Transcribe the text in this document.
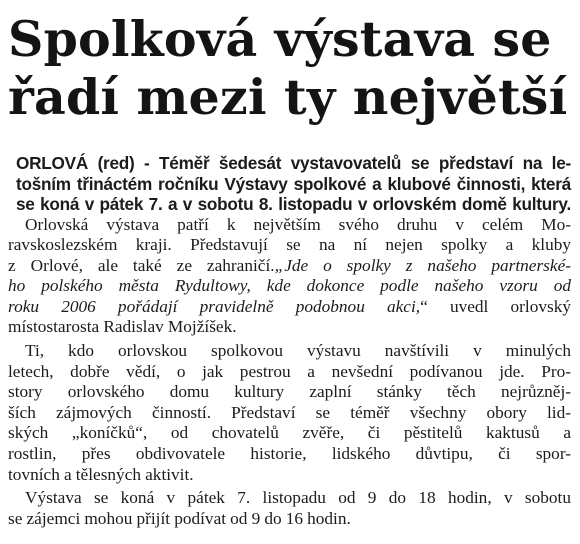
Spolková výstava se
řadí mezi ty největší
ORLOVÁ (red) - Téměř šedesát vystavovatelů se představí na le-
tošním třináctém ročníku Výstavy spolkové a klubové činnosti, která
se koná v pátek 7. a v sobotu 8. listopadu v orlovském domě kultury.

Orlovská výstava patří k největším svého druhu v celém Mo-
ravskoslezském kraji. Představují se na ní nejen spolky a kluby
z Orlové, ale také ze zahraničí.„Jde o spolky z našeho partnerské-
ho polského města Rydultowy, kde dokonce podle našeho vzoru od
roku 2006 pořádají pravidelně podobnou akci,“ uvedl orlovský
místostarosta Radislav Mojžíšek.

Ti, kdo orlovskou spolkovou výstavu navštívili v minulých
letech, dobře vědí, o jak pestrou a nevšední podívanou jde. Pro-
story orlovského domu kultury zaplní stánky těch nejrůzněj-
ších zájmových činností. Představí se téměř všechny obory lid-
ských „koníčků“, od chovatelů zvěře, či pěstitelů kaktusů a
rostlin, přes obdivovatele historie, lidského důvtipu, či spor-
tovních a tělesných aktivit.

Výstava se koná v pátek 7. listopadu od 9 do 18 hodin, v sobotu
se zájemci mohou přijít podívat od 9 do 16 hodin.
